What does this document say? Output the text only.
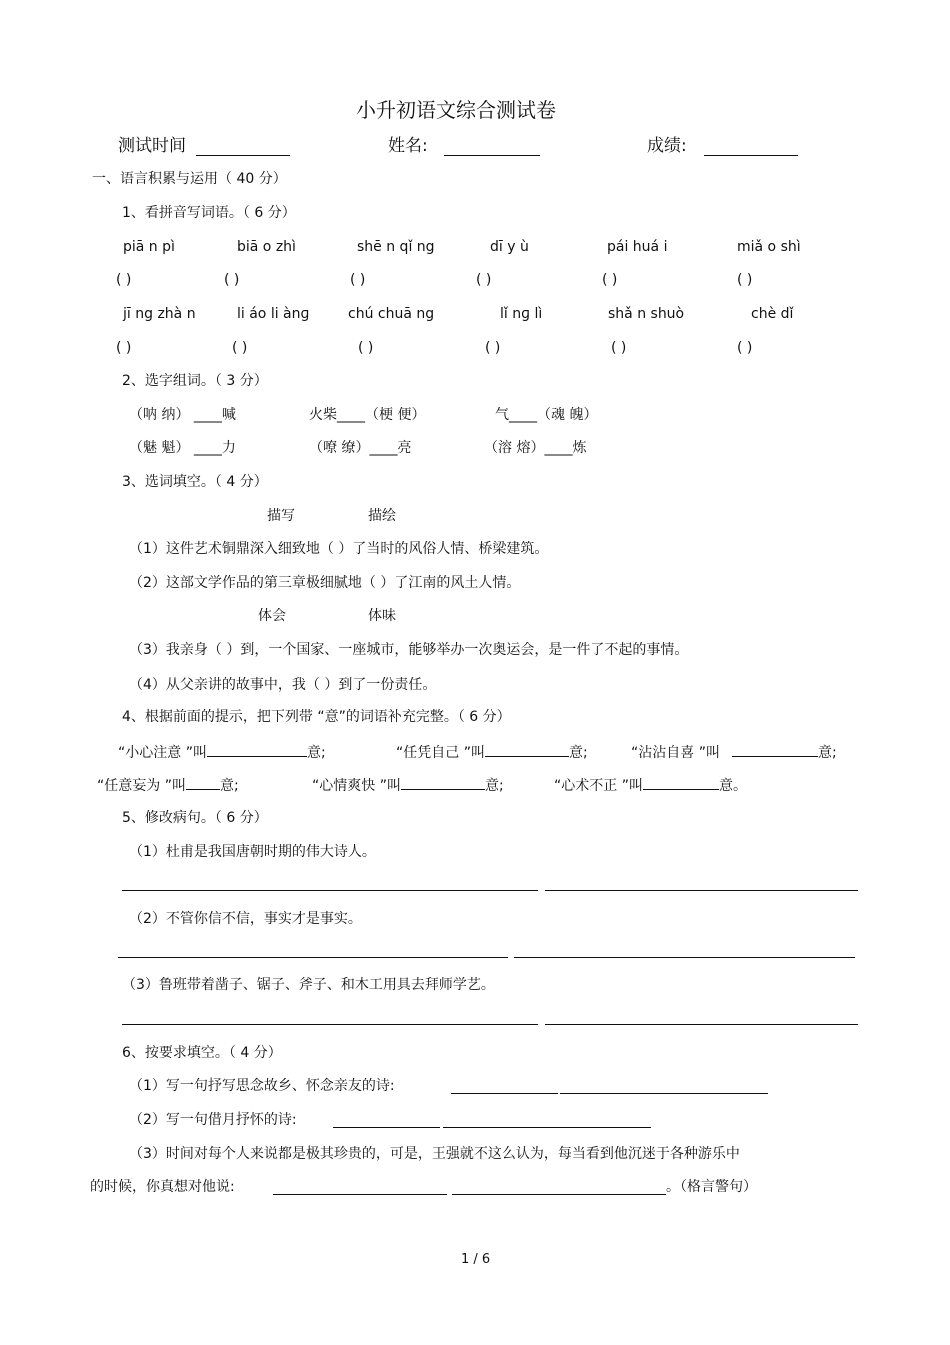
小升初语文综合测试卷
测试时间	姓名:	成绩:
一、语言积累与运用（ 40 分）
1、看拼音写词语。（ 6 分）
piā n pì	biā o zhì	shē n qǐ ng	dī y ù	pái huá i	miǎ o shì
( )	( )	( )	( )	( )	( )
jī ng zhà n	li áo li ànɡ	chú chuā ng	lǐ nɡ lì	shǎ n shuò	chè dǐ
( )	( )	( )	( )	( )	( )
2、选字组词。（ 3 分）
（呐 纳） ____喊	火柴____（梗 便）	气____（魂 魄）
（魅 魁） ____力	（嘹 缭）____亮	（溶 熔）____炼
3、选词填空。（ 4 分）
描写	描绘
（1）这件艺术铜鼎深入细致地（ ）了当时的风俗人情、桥梁建筑。
（2）这部文学作品的第三章极细腻地（ ）了江南的风土人情。
体会	体味
（3）我亲身（ ）到，一个国家、一座城市，能够举办一次奥运会，是一件了不起的事情。
（4）从父亲讲的故事中，我（ ）到了一份责任。
4、根据前面的提示，把下列带 “意”的词语补充完整。（ 6 分）
“小心注意 ”叫	意;	“任凭自己 ”叫	意;	“沾沾自喜 ”叫	意;
“任意妄为 ”叫 意;	“心情爽快 ”叫	意;	“心术不正 ”叫	意。
5、修改病句。（ 6 分）
（1）杜甫是我国唐朝时期的伟大诗人。
（2）不管你信不信，事实才是事实。
（3）鲁班带着凿子、锯子、斧子、和木工用具去拜师学艺。
6、按要求填空。（ 4 分）
（1）写一句抒写思念故乡、怀念亲友的诗:
（2）写一句借月抒怀的诗:
（3）时间对每个人来说都是极其珍贵的，可是，王强就不这么认为，每当看到他沉迷于各种游乐中
的时候，你真想对他说:	。（格言警句）
1 / 6
